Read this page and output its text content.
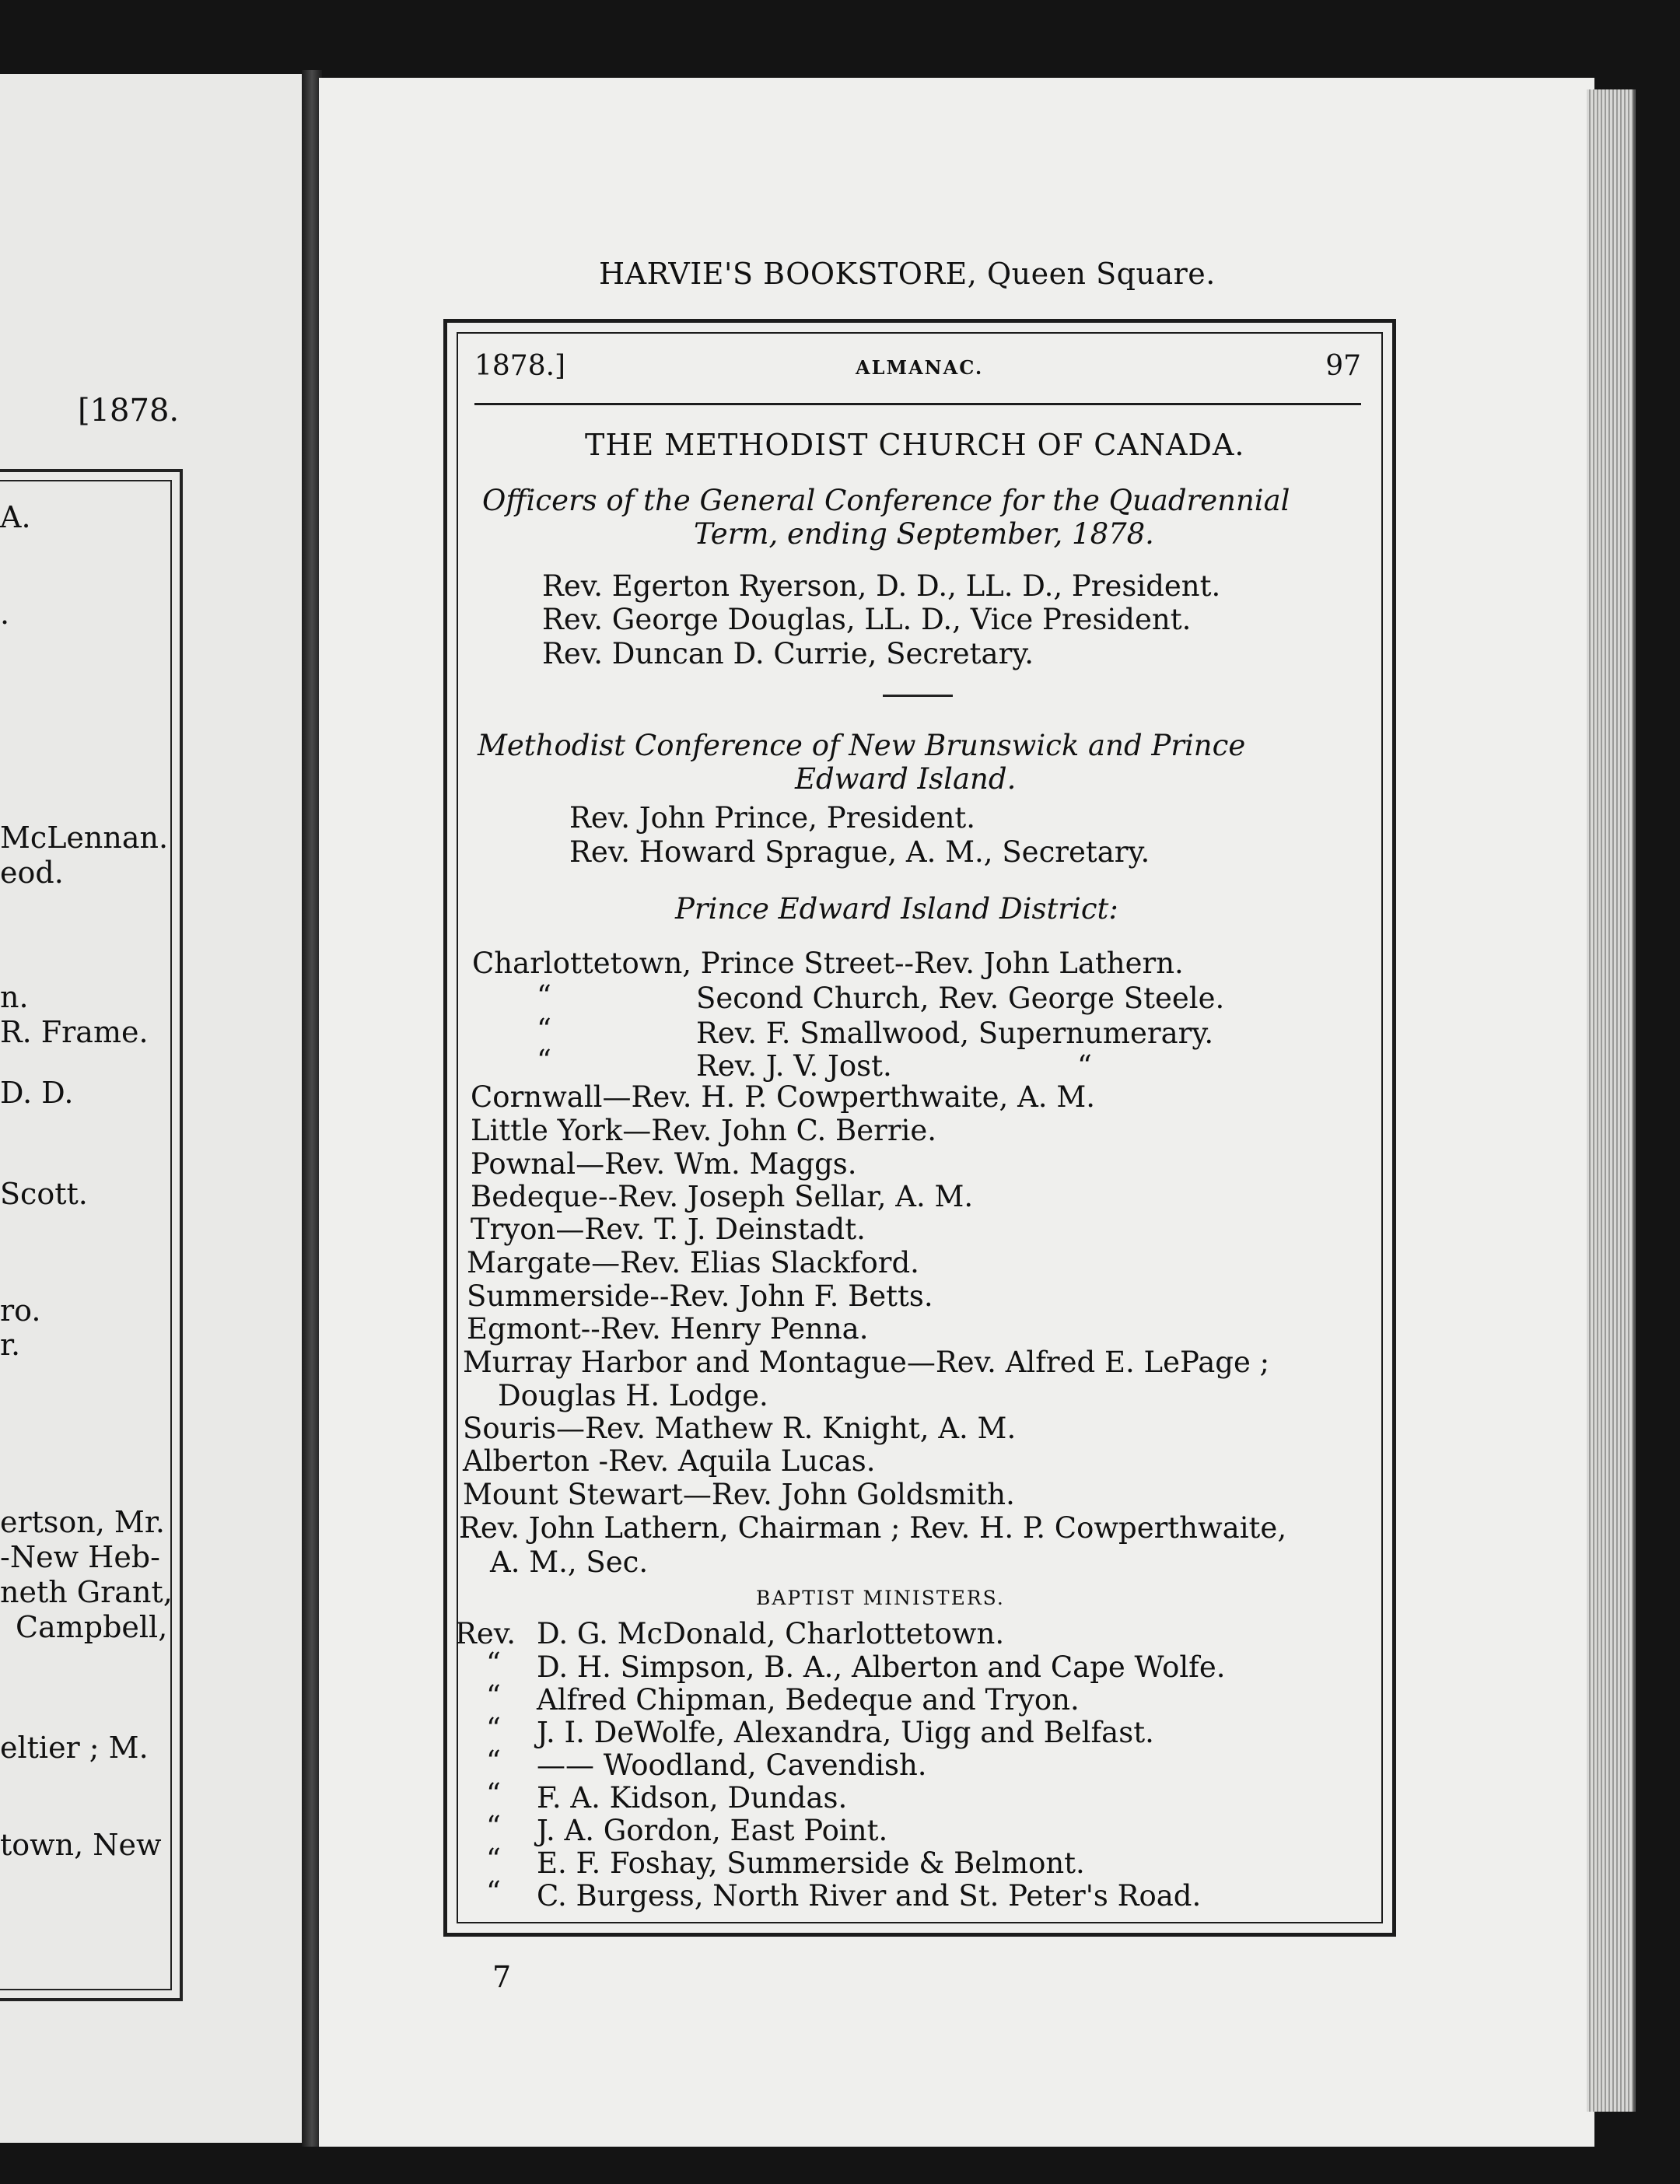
[1878.
A.
.
McLennan.
eod.
n.
R. Frame.
D. D.
Scott.
ro.
r.
ertson, Mr.
-New Heb-
neth Grant,
Campbell,
eltier ; M.
town, New
HARVIE'S BOOKSTORE, Queen Square.
1878.]	ALMANAC.	97
THE METHODIST CHURCH OF CANADA.
Officers of the General Conference for the Quadrennial
Term, ending September, 1878.
Rev. Egerton Ryerson, D. D., LL. D., President.
Rev. George Douglas, LL. D., Vice President.
Rev. Duncan D. Currie, Secretary.
Methodist Conference of New Brunswick and Prince
Edward Island.
Rev. John Prince, President.
Rev. Howard Sprague, A. M., Secretary.
Prince Edward Island District:
Charlottetown, Prince Street--Rev. John Lathern.
“	Second Church, Rev. George Steele.
“	Rev. F. Smallwood, Supernumerary.
“	Rev. J. V. Jost.	“
Cornwall—Rev. H. P. Cowperthwaite, A. M.
Little York—Rev. John C. Berrie.
Pownal—Rev. Wm. Maggs.
Bedeque--Rev. Joseph Sellar, A. M.
Tryon—Rev. T. J. Deinstadt.
Margate—Rev. Elias Slackford.
Summerside--Rev. John F. Betts.
Egmont--Rev. Henry Penna.
Murray Harbor and Montague—Rev. Alfred E. LePage ;
Douglas H. Lodge.
Souris—Rev. Mathew R. Knight, A. M.
Alberton -Rev. Aquila Lucas.
Mount Stewart—Rev. John Goldsmith.
Rev. John Lathern, Chairman ; Rev. H. P. Cowperthwaite,
A. M., Sec.
BAPTIST MINISTERS.
Rev. D. G. McDonald, Charlottetown.
“ D. H. Simpson, B. A., Alberton and Cape Wolfe.
“ Alfred Chipman, Bedeque and Tryon.
“ J. I. DeWolfe, Alexandra, Uigg and Belfast.
“ —— Woodland, Cavendish.
“ F. A. Kidson, Dundas.
“ J. A. Gordon, East Point.
“ E. F. Foshay, Summerside & Belmont.
“ C. Burgess, North River and St. Peter's Road.
7
